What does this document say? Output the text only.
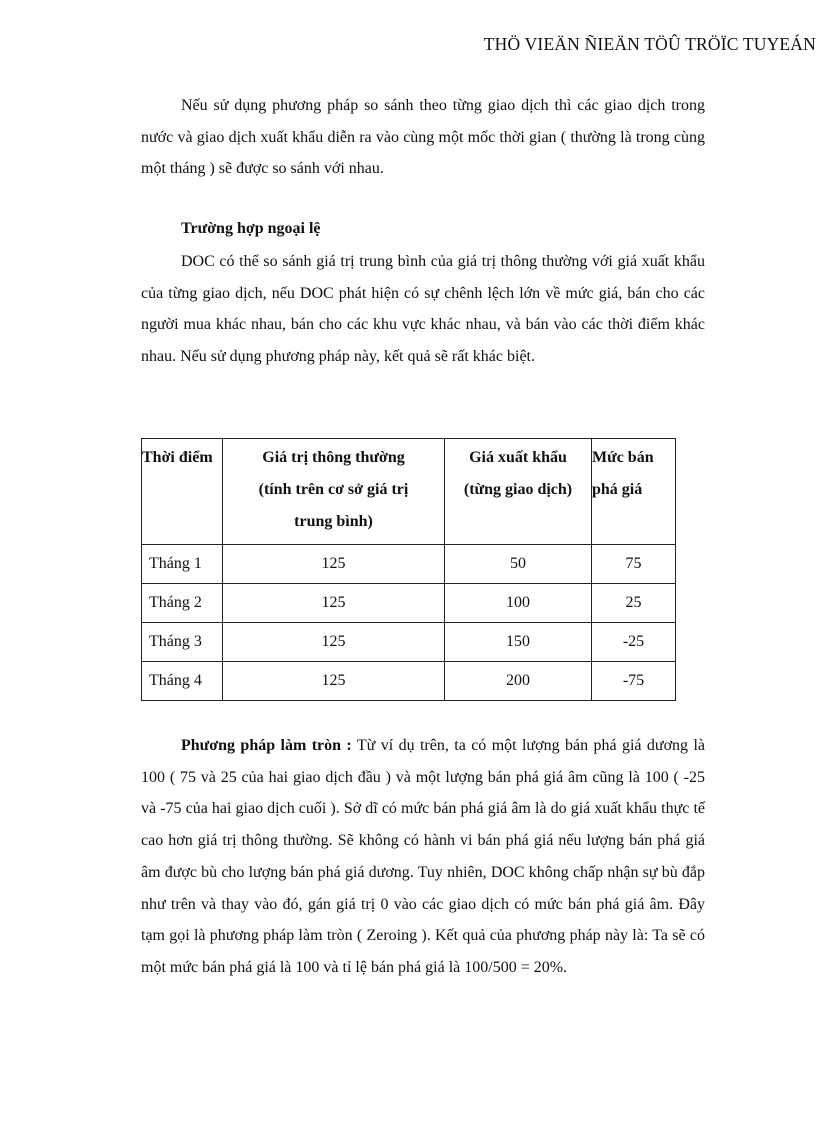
THÖ VIEÄN ÑIEÄN TÖÛ TRÖÏC TUYEÁN

Nếu sử dụng phương pháp so sánh theo từng giao dịch thì các giao dịch trong nước và giao dịch xuất khẩu diễn ra vào cùng một mốc thời gian ( thường là trong cùng một tháng ) sẽ được so sánh với nhau.

Trường hợp ngoại lệ

DOC có thể so sánh giá trị trung bình của giá trị thông thường với giá xuất khẩu của từng giao dịch, nếu DOC phát hiện có sự chênh lệch lớn về mức giá, bán cho các người mua khác nhau, bán cho các khu vực khác nhau, và bán vào các thời điểm khác nhau. Nếu sử dụng phương pháp này, kết quả sẽ rất khác biệt.

Thời điểm	Giá trị thông thường (tính trên cơ sở giá trị trung bình)	Giá xuất khẩu (từng giao dịch)	Mức bán phá giá
Tháng 1	125	50	75
Tháng 2	125	100	25
Tháng 3	125	150	-25
Tháng 4	125	200	-75

Phương pháp làm tròn : Từ ví dụ trên, ta có một lượng bán phá giá dương là 100 ( 75 và 25 của hai giao dịch đầu ) và một lượng bán phá giá âm cũng là 100 ( -25 và -75 của hai giao dịch cuối ). Sở dĩ có mức bán phá giá âm là do giá xuất khẩu thực tế cao hơn giá trị thông thường. Sẽ không có hành vi bán phá giá nếu lượng bán phá giá âm được bù cho lượng bán phá giá dương. Tuy nhiên, DOC không chấp nhận sự bù đắp như trên và thay vào đó, gán giá trị 0 vào các giao dịch có mức bán phá giá âm. Đây tạm gọi là phương pháp làm tròn ( Zeroing ). Kết quả của phương pháp này là: Ta sẽ có một mức bán phá giá là 100 và tỉ lệ bán phá giá là 100/500 = 20%.
